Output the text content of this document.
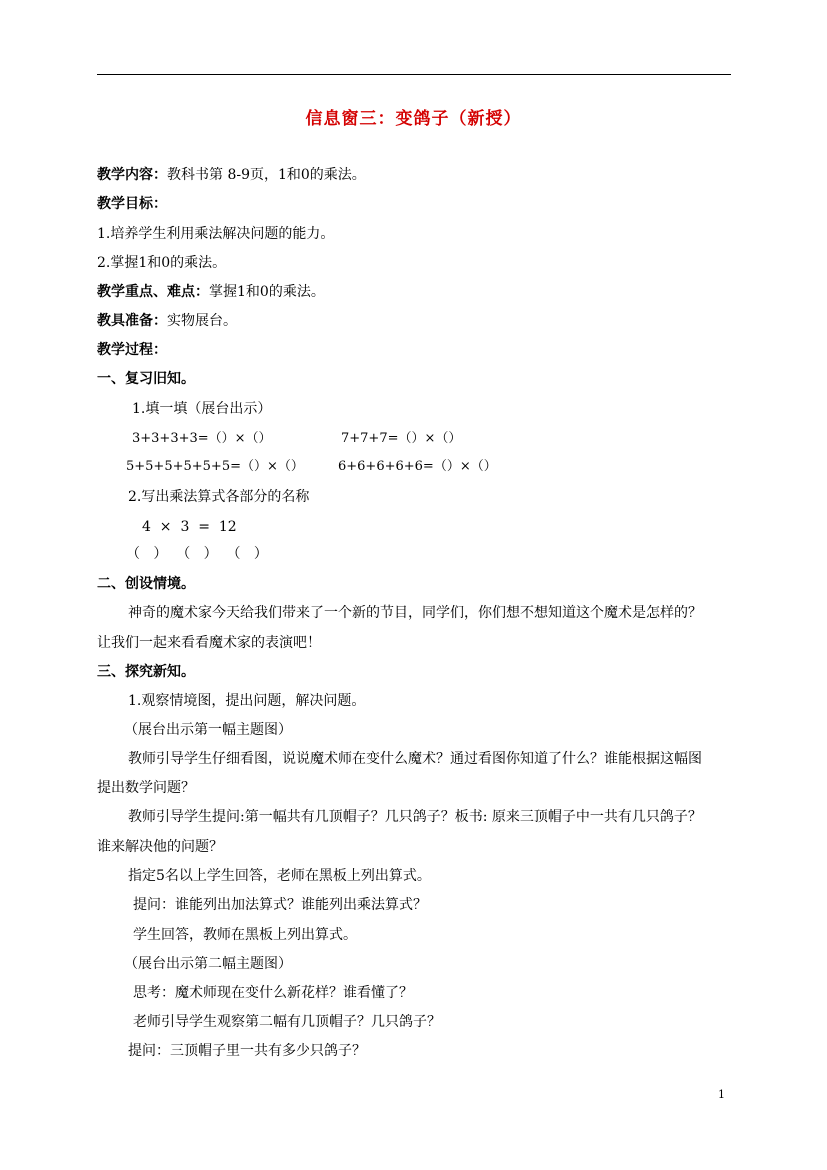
信息窗三：变鸽子（新授）
教学内容：教科书第 8-9页，1和0的乘法。
教学目标：
1.培养学生利用乘法解决问题的能力。
2.掌握1和0的乘法。
教学重点、难点：掌握1和0的乘法。
教具准备：实物展台。
教学过程：
一、复习旧知。
1.填一填（展台出示）
3+3+3+3=（）×（）	7+7+7=（）×（）
5+5+5+5+5+5=（）×（）	6+6+6+6+6=（）×（）
2.写出乘法算式各部分的名称
4  ×  3  =  12
（   ）  （   ）  （   ）
二、创设情境。
神奇的魔术家今天给我们带来了一个新的节目，同学们，你们想不想知道这个魔术是怎样的？
让我们一起来看看魔术家的表演吧！
三、探究新知。
1.观察情境图，提出问题，解决问题。
（展台出示第一幅主题图）
教师引导学生仔细看图，说说魔术师在变什么魔术？通过看图你知道了什么？谁能根据这幅图
提出数学问题？
教师引导学生提问:第一幅共有几顶帽子？几只鸽子？板书: 原来三顶帽子中一共有几只鸽子？
谁来解决他的问题？
指定5名以上学生回答，老师在黑板上列出算式。
提问：谁能列出加法算式？谁能列出乘法算式？
学生回答，教师在黑板上列出算式。
（展台出示第二幅主题图）
思考：魔术师现在变什么新花样？谁看懂了？
老师引导学生观察第二幅有几顶帽子？几只鸽子？
提问：三顶帽子里一共有多少只鸽子？
1
